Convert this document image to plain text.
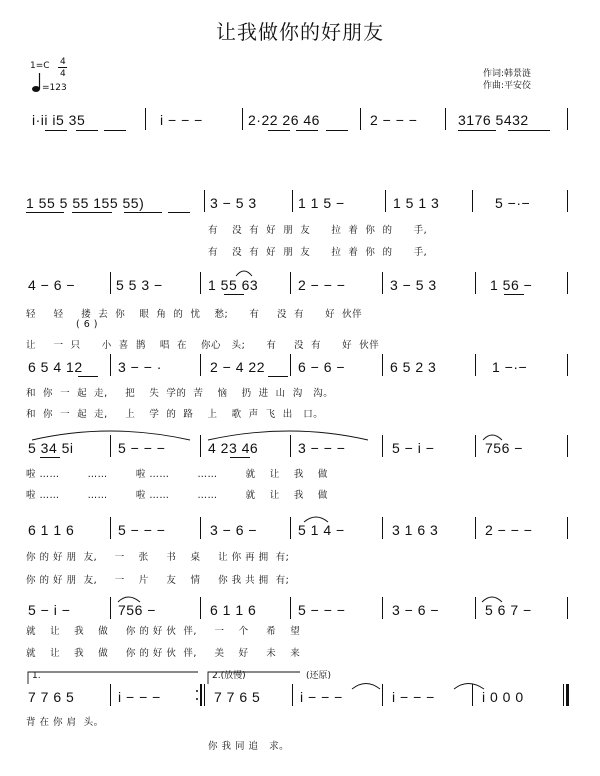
让我做你的好朋友
1=C 4
4
=123
作词:韩景涟
作曲:平安佼
i·ii i5 35	i − − −	2·22 26 46	2 − − −	3176 5432
1 55 5 55 155 55)	3 − 5 3	1 1 5 −	1 5 1 3	5 −·−
有    没  有  好  朋  友      拉  着  你  的      手,
有    没  有  好  朋  友      拉  着  你  的      手,
4 − 6 −	5 5 3 −	1 55 63	2 − − −	3 − 5 3	1 56 −
轻     轻     搂  去  你    眼  角  的  忧    愁;      有     没  有      好  伙伴
( 6 )
让     一  只      小  喜  鹊    唱  在    你心   头;      有     没  有      好  伙伴
6 5 4 12	3 − − ·	2 − 4 22 6 − 6 −	6 5 2 3	1 −·−
和  你  一  起  走,     把    失  学的  苦    恼    扔  进  山  沟   沟。
和  你  一  起  走,     上    学  的  路    上    歌  声  飞  出   口。
5 34 5i	5 − − −	4 23 46	3 − − −	5 − i −	756 −
啦 ……        ……        啦 ……        ……        就    让    我    做
啦 ……        ……        啦 ……        ……        就    让    我    做
6 1 1 6	5 − − −	3 − 6 −	5 1 4 −	3 1 6 3	2 − − −
你 的 好 朋  友,     一    张     书    桌     让 你 再 拥  有;
你 的 好 朋  友,     一    片     友    情     你 我 共 拥  有;
5 − i −	756 −	6 1 1 6	5 − − −	3 − 6 −	5 6 7 −
就    让    我    做     你 的 好 伙  伴,     一    个     希    望
就    让    我    做     你 的 好 伙  伴,     美    好     未    来
1.	2.(放慢)	(还原)
7 7 6 5	i − − −	7 7 6 5	i − − −	i − − −	i 0 0 0
背 在 你 肩  头。
你 我 同 追   求。
